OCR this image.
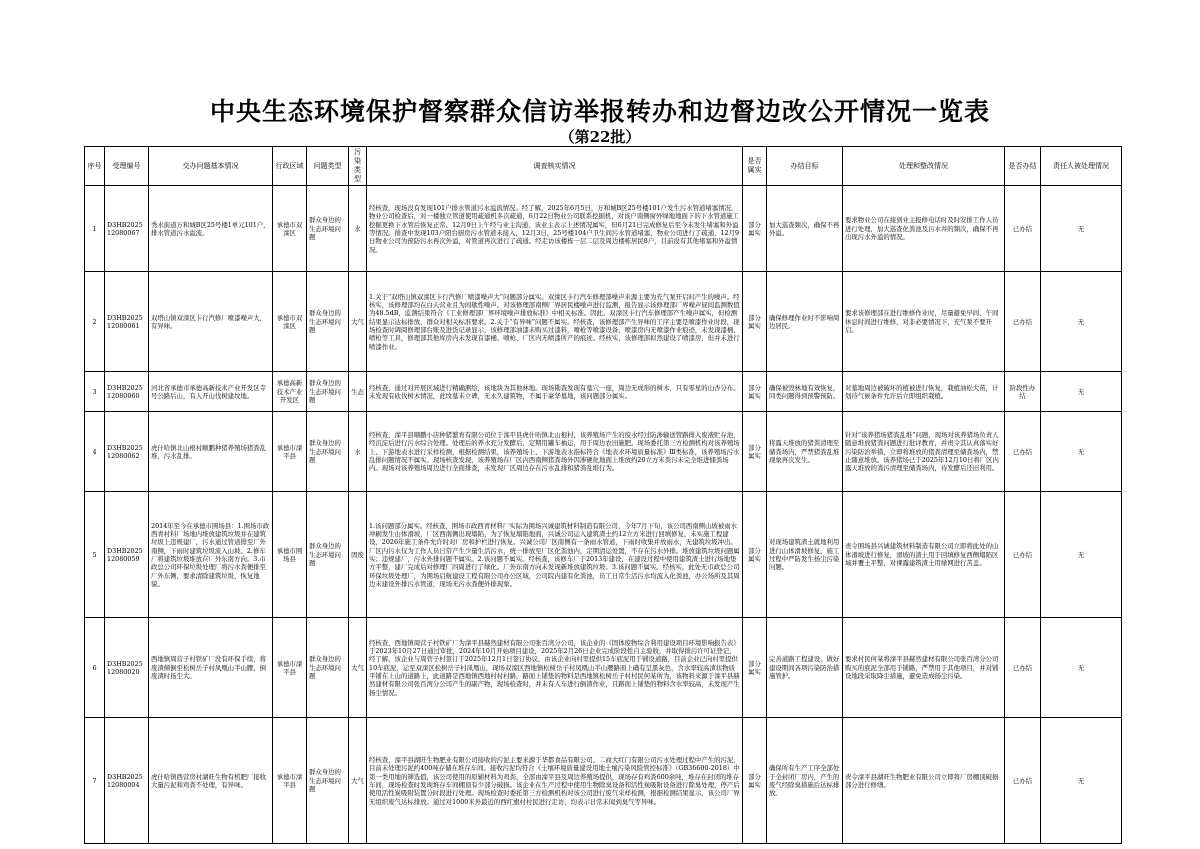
中央生态环境保护督察群众信访举报转办和边督边改公开情况一览表
（第22批）
序号	受理编号	交办问题基本情况	行政区域	问题类型	污染类型	调查核实情况	是否属实	办结目标	处理和整改情况	是否办结	责任人被处理情况
1	D3HB202512080067	秀水街道万和城B区25号楼1单元101户，排水管道污水溢流。	承德市双滦区	群众身边的生态环境问题	水	经核查，现场没有发现101户排水管道污水溢流情况。经了解，2025年6月5日，万和城B区25号楼101户发生污水管道堵塞情况，物业公司检查后，对一楼独立管道使用疏通机多次疏通，6月22日物业公司联系挖掘机，对该户南侧窗外绿地地面下的下水管道施工挖掘更换下水管后恢复正常。12月9日上午经与业主沟通，该业主表示上述情况属实，但6月21日完成修复后至今未发生堵塞和外溢等情况。排查中发现103户阳台厨房污水管道未接入，12月3日，25号楼104户卫生间污水管道堵塞，物业公司进行了疏通，12月9日物业公司为预防污水再次外溢，对管道再次进行了疏通。经走访该楼栋一层二层及周边楼栋居民8户，目前没有其他堵塞和外溢情况。	部分属实	加大巡查频次，确保不再外溢。	要求物业公司在接到业主报修电话时及时安排工作人员进行处理，加大巡查化粪池及污水井的频次，确保不再出现污水外溢的情况。	已办结	无
2	D3HB202512080061	双塔山镇双滦区卡行汽修厂喷漆噪声大，有异味。	承德市双滦区	群众身边的生态环境问题	大气	1.关于“双塔山镇双滦区卡行汽修厂喷漆噪声大”问题部分属实。双滦区卡行汽车修理部噪声来源主要为充气泵开启时产生的噪声。经核实，该修理部均在白天营业且为间歇性噪声。对该修理部南侧厂界居民楼噪声进行监测，报告显示该修理部厂界噪声昼间监测数值为48.5dB，监测结果符合《工业修理部厂界环境噪声排放标准》中相关标准。因此，双滦区卡行汽车修理部产生噪声属实，但检测结果显示达标排放，群众对相关标准要求。2.关于“有异味”问题不属实。经核查，该修理部产生异味的工序主要是喷漆作业时段，现场检查时调阅修理部台账及进货记录显示，该修理部油漆未购买过漆料，喷枪等喷漆设备，喷漆房内无喷漆作业痕迹，未发现漆桶、喷枪等工具，修理部其他库房内未发现有漆桶、喷枪、厂区内无喷漆所产的痕迹。经核实，该修理部拟然建设了喷漆房，但并未进行喷漆作业。	部分属实	确保修理作业时不影响周边居民。	要求该修理部在进行维修作业时，尽量避免早间、午间休息时间进行维修，对非必要情况下，充气泵不要开启。	已办结	无
3	D3HB202512080060	河北省承德市承德高新技术产业开发区寺号公路后山，有人开山伐树建坟地。	承德高新技术产业开发区	群众身边的生态环境问题	生态	经核查，通过对开展区域进行精确测绘，该地块为其他林地。现场勘查发现有墓穴一座，周边无成形的树木，只有零星的山杏分布。未发现有砍伐树木情况，此坟墓未立碑，无永久建筑物，不属于豪华墓地，该问题部分属实。	部分属实	确保被毁林地有效恢复，同类问题得到预警预防。	对墓地周边被破坏的植被进行恢复，栽植油松大苗，计划待气候条件允许后立即组织栽植。	阶段性办结	无
4	D3HB202512080062	虎什哈镇北山根村顺鹏种猪养殖场猪粪乱堆，污水乱排。	承德市滦平县	群众身边的生态环境问题	水	经核查，滦平县顺鹏小店种猪繁育有限公司位于滦平县虎什哈镇北山根村，该养殖场产生的废水经过防渗输送管路排入废液贮存池，经沉淀后进行污水综合处理。处理后的养水充分发酵后，定期用罐车抽运，用于周边农田施肥。现场委托第三方检测机构对该养殖场上、下游地表水进行采样检测，根据检测结果，该养殖场上、下游地表水指标符合《地表水环境质量标准》Ⅲ类标准，该养殖场污水乱排问题情况不属实。现场核查发现，该养殖场在厂区内西南侧猪粪场外因渗硬化地面上堆放约20立方米粪污未完全堆进储粪场内。现场对该养殖场周边进行全面排查，未发现厂区周边存在污水乱排和猪粪乱堆行为。	部分属实	将露天堆放的猪粪清理至储粪场内，严禁猪粪乱堆现象再次发生。	针对“该养猪场猪粪乱堆”问题，现场对该养猪场负责人随意堆放猪粪问题进行批评教育，并责令其认真落实好污染防治举措，立即将堆放的猪粪清理至储粪场内，禁止随意堆放。该养猪场已于2025年12月10日将厂区内露天堆放的粪污清理至储粪场内，待发酵后还田利用。	已办结	无
5	D3HB202512080059	2014年至今在承德市围场县：1.围场市政西青村料厂场地内堆放建筑垃圾并在建筑垃圾上违规建厂，污水通过管道排至厂外南侧，下雨时建筑垃圾流入山坡。2.修车厂将建筑垃圾堆放在厂外东南方向。3.市政总公司环保垃圾处理厂将污水粪便排至厂外东侧，要求清除建筑垃圾、恢复地貌。	承德市围场县	群众身边的生态环境问题	固废	1.该问题部分属实。经核查，围场市政西青材料厂实际为围场兴诚建筑材料制造有限公司，今年7月下旬，该公司西南侧山坡被雨水冲刷发生山体滑坡，厂区西南侧出现塌陷，为了恢复塌陷地面，兴诚公司运入建筑渣土约12立方米进行回填修复，未实施工程建设，2026年施工条件允许时对厂房和护栏进行恢复。兴诚公司厂区南侧有一条雨水管道，下雨时收集并放雨水，无建筑垃圾冲出。厂区内污水仅为工作人员日常产生少量生活污水，统一排放至厂区化粪池内，定期清运处置，不存在污水外排。堆放建筑垃圾问题属实；违规建厂，污水外排问题不属实。2.该问题不属实。经核查，该修车厂于2013年建设，在建设过程中使用建筑渣土进行场地垫方平整，建厂完成后对修理厂四周进行了绿化。厂外东南方向未发现新堆放建筑垃圾。3.该问题不属实。经核实，此处无市政总公司环保垃圾处理厂，为围场启航建设工程有限公司办公区域，公司院内建有化粪池，员工日常生活污水均流入化粪池，办公场所及其周边未建设外排污水管道，现场无污水粪便外排现象。	部分属实	对现场建筑渣土就地利用进行山体滑坡修复，施工过程中严防发生扬尘污染问题。	责令围场县兴诚建筑材料制造有限公司立即将此处的山体滑坡进行修复，滑坡的渣土用于回填修复西侧塌陷区域并覆土平整，对裸露建筑渣土用绿网进行苫盖。	已办结	无
6	D3HB202512080020	西地镇周营子村铁矿厂没有环保手续，将废渣倾倒至松树岳子村凤凰山半山腰，倒废渣时扬尘大。	承德市滦平县	群众身边的生态环境问题	大气	经核查，西地镇周营子村铁矿厂为滦平县赫然建材有限公司张百湾分公司，该企业的《固体废物综合利用建设项目环境影响报告表》于2023年10月27日通过审批，2024年10月开始项目建设，2025年2月26日企业完成阶段性自主验收，并取得排污许可证登记，经了解，该企业与周菅子村签订于2025年12月1日签订协议，由该企业向村里提供15车底泥用于铺设道路，目前企业已向村里提供10车底泥，运至双滦区松树岳子村凤凰山，现场双滦区西地镇松树岳子村凤凰山半山腰路面上确有呈黑灰色，含水率较高渣状物质平铺在上山的道路上，此道路是西地镇西地村村村路，路面上铺垫的物料是西地镇松树岳子村村民何某所为，该物料来源于滦平县赫然建材有限公司张百湾分公司产生的副产物，现场检查时，并未有人车进行倒渣作业，且路面上铺垫的物料含水率较高，未发现产生扬尘情况。	部分属实	完善道路工程建设，做好建设期间各项污染防治措施管护。	要求村民何某将滦平县赫然建材有限公司张百湾分公司购买的底泥全部用于铺路，严禁用于其他项目，并对铺设地段采取降尘措施，避免造成扬尘污染。	已办结	无
7	D3HB202512080004	虎什哈镇西营房村湖旺生物有机肥厂接收大量污泥和鸡粪不处理，有异味。	承德市滦平县	群众身边的生态环境问题	大气	经核查，滦平县湖旺生物肥业有限公司接收的污泥主要来源于华都食品有限公司、二商大红门有限公司污水处理过程中产生的污泥，目前未处理污泥约400吨存储在堆存车间。接收污泥均符合《土壤环境质量建设用地土壤污染风险管控标准》（GB36600-2018）中第一类用地的筛选值，该公司使用的原辅材料为鸡粪，全部由滦平县及周边养殖场提供，现场存有鸡粪600余吨，堆存在封闭的堆存车间，现场检查时发现堆存车间棚顶有少部分破损。该企业在生产过程中使用生物除臭设备和活性炭吸附设备进行除臭处理，停产后使用活性炭吸附装置分时段进行处理。现场检查时委托第三方检测机构对该公司进行废气采样检测，根据检测结果显示，该公司厂界无组织废气达标排放。通过对1000米外最近的西红旗村村民进行走访，均表示日常未闻到臭气等异味。	部分属实	确保所有生产工序全部处于全封闭厂房内，产生的废气经除臭措施后达标排放。	责令滦平县湖旺生物肥业有限公司立即将厂房棚顶破损部分进行修缮。	已办结	无
